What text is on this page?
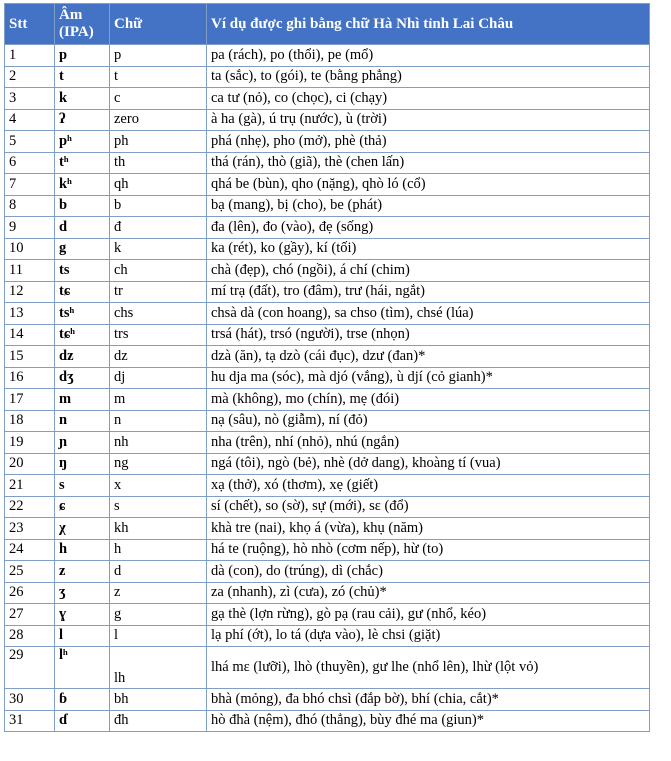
Stt	Âm (IPA)	Chữ	Ví dụ được ghi bằng chữ Hà Nhì tỉnh Lai Châu
1	p	p	pa (rách), po (thổi), pe (mổ)
2	t	t	ta (sắc), to (gói), te (bằng phẳng)
3	k	c	ca tư (nỏ), co (chọc), ci (chạy)
4	ʔ	zero	à ha (gà), ú trụ (nước), ù (trời)
5	pʰ	ph	phá (nhẹ), pho (mở), phè (thả)
6	tʰ	th	thá (rán), thò (giã), thè (chen lấn)
7	kʰ	qh	qhá be (bùn), qho (nặng), qhò ló (cổ)
8	b	b	bạ (mang), bị (cho), be (phát)
9	d	đ	đa (lên), đo (vào), đẹ (sống)
10	g	k	ka (rét), ko (gầy), kí (tối)
11	ts	ch	chà (đẹp), chó (ngồi), á chí (chim)
12	tɕ	tr	mí trạ (đất), tro (đâm), trư (hái, ngắt)
13	tsʰ	chs	chsà dà (con hoang), sa chso (tìm), chsé (lúa)
14	tɕʰ	trs	trsá (hát), trsó (người), trse (nhọn)
15	dz	dz	dzà (ăn), tạ dzò (cái đục), dzư (đan)*
16	dʒ	dj	hu dja ma (sóc), mà djó (vắng), ù djí (cỏ gianh)*
17	m	m	mà (không), mo (chín), mẹ (đói)
18	n	n	nạ (sâu), nò (giẫm), ní (đỏ)
19	ɲ	nh	nha (trên), nhí (nhỏ), nhú (ngắn)
20	ŋ	ng	ngá (tôi), ngò (bẻ), nhè (dở dang), khoàng tí (vua)
21	s	x	xạ (thở), xó (thơm), xẹ (giết)
22	ɕ	s	sí (chết), so (sờ), sự (mới), sɛ (đổ)
23	χ	kh	khà tre (nai), khọ á (vừa), khụ (năm)
24	h	h	há te (ruộng), hò nhò (cơm nếp), hừ (to)
25	z	d	dà (con), do (trúng), dì (chắc)
26	ʒ	z	za (nhanh), zì (cưa), zó (chủ)*
27	ɣ	g	gạ thè (lợn rừng), gò pạ (rau cải), gư (nhổ, kéo)
28	l	l	lạ phí (ớt), lo tá (dựa vào), lè chsi (giặt)
29	lʰ	lh	lhá mɛ (lưỡi), lhò (thuyền), gư lhe (nhổ lên), lhừ (lột vỏ)
30	ɓ	bh	bhà (mỏng), đa bhó chsì (đắp bờ), bhí (chia, cắt)*
31	ɗ	đh	hò đhà (nệm), đhó (thẳng), bùy đhé ma (giun)*
